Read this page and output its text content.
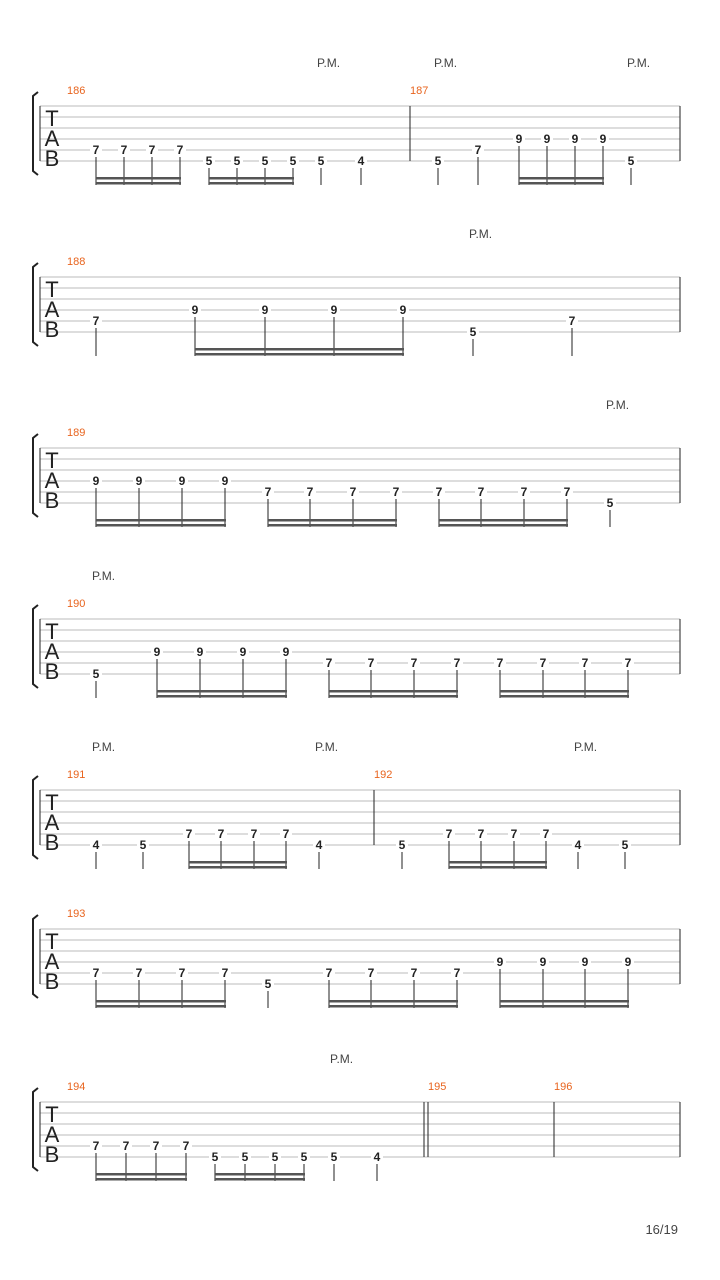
T
A
B
186
7 7 7 7
5 5 5 5 5	4
P.M.
187
5
7
9 9 9 9
5
P.M.	P.M.
T
A
B
188
7
9	9	9	9
5
7
P.M.
T
A
B
189
9	9	9	9
7	7	7	7	7	7	7	7
5
P.M.
T
A
B
190
5
9	9	9	9
7	7	7	7	7	7	7	7
P.M.
T
A
B
191
4	5
7 7 7 7
4
P.M.	P.M.
192
5
7 7 7 7
4	5
P.M.
T
A
B
193
7	7	7	7
5
7	7	7	7
9	9	9	9
T
A
B
194
7 7 7 7
5 5 5 5 5	4
P.M.
195	196
16/19
